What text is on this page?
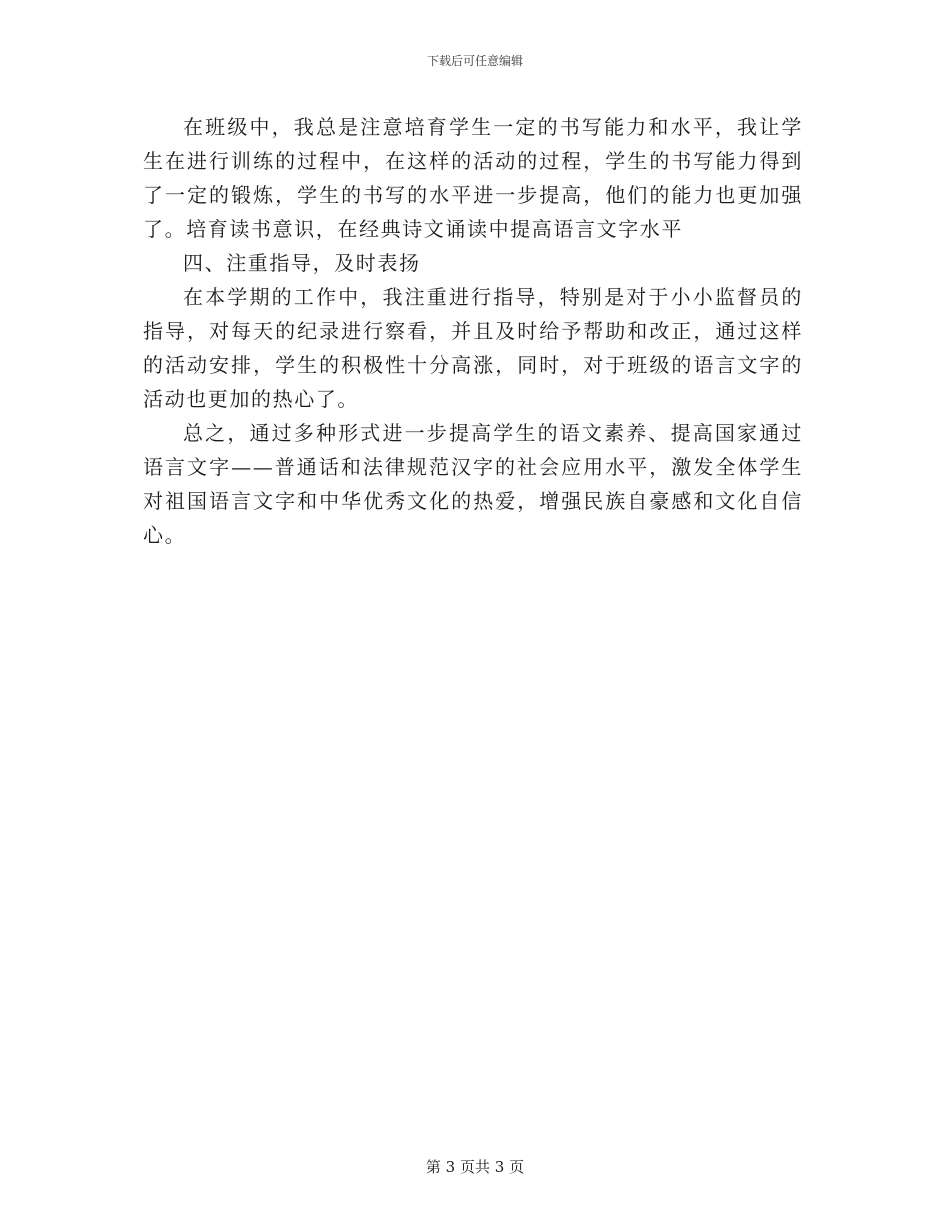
下载后可任意编辑

在班级中，我总是注意培育学生一定的书写能力和水平，我让学生在进行训练的过程中，在这样的活动的过程，学生的书写能力得到了一定的锻炼，学生的书写的水平进一步提高，他们的能力也更加强了。培育读书意识，在经典诗文诵读中提高语言文字水平

四、注重指导，及时表扬

在本学期的工作中，我注重进行指导，特别是对于小小监督员的指导，对每天的纪录进行察看，并且及时给予帮助和改正，通过这样的活动安排，学生的积极性十分高涨，同时，对于班级的语言文字的活动也更加的热心了。

总之，通过多种形式进一步提高学生的语文素养、提高国家通过语言文字——普通话和法律规范汉字的社会应用水平，激发全体学生对祖国语言文字和中华优秀文化的热爱，增强民族自豪感和文化自信心。

第 3 页共 3 页
